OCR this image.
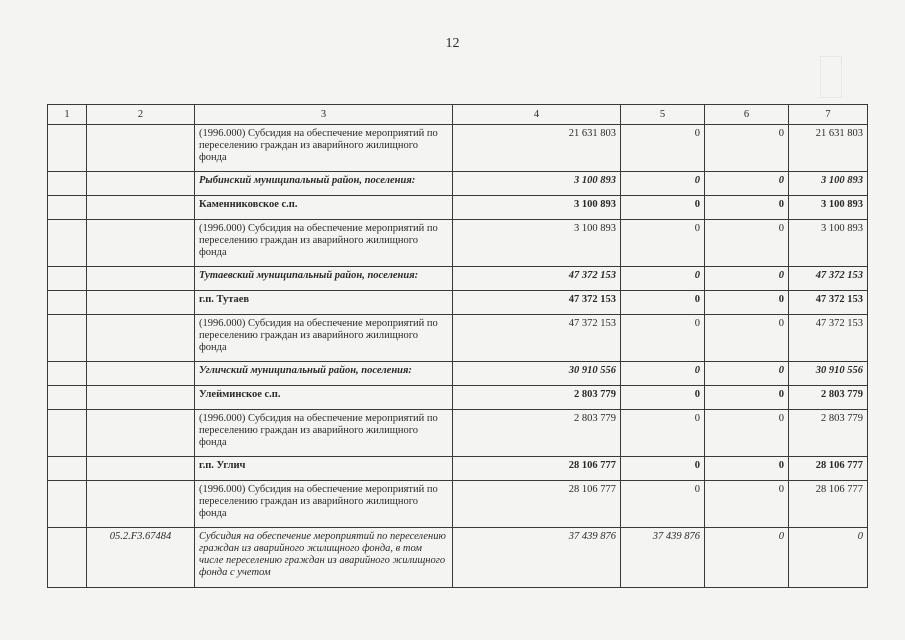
12
1	2	3	4	5	6	7
		(1996.000) Субсидия на обеспечение мероприятий по переселению граждан из аварийного жилищного фонда	21 631 803	0	0	21 631 803
		Рыбинский муниципальный район, поселения:	3 100 893	0	0	3 100 893
		Каменниковское с.п.	3 100 893	0	0	3 100 893
		(1996.000) Субсидия на обеспечение мероприятий по переселению граждан из аварийного жилищного фонда	3 100 893	0	0	3 100 893
		Тутаевский муниципальный район, поселения:	47 372 153	0	0	47 372 153
		г.п. Тутаев	47 372 153	0	0	47 372 153
		(1996.000) Субсидия на обеспечение мероприятий по переселению граждан из аварийного жилищного фонда	47 372 153	0	0	47 372 153
		Угличский муниципальный район, поселения:	30 910 556	0	0	30 910 556
		Улейминское с.п.	2 803 779	0	0	2 803 779
		(1996.000) Субсидия на обеспечение мероприятий по переселению граждан из аварийного жилищного фонда	2 803 779	0	0	2 803 779
		г.п. Углич	28 106 777	0	0	28 106 777
		(1996.000) Субсидия на обеспечение мероприятий по переселению граждан из аварийного жилищного фонда	28 106 777	0	0	28 106 777
	05.2.F3.67484	Субсидия на обеспечение мероприятий по переселению граждан из аварийного жилищного фонда, в том числе переселению граждан из аварийного жилищного фонда с учетом	37 439 876	37 439 876	0	0
